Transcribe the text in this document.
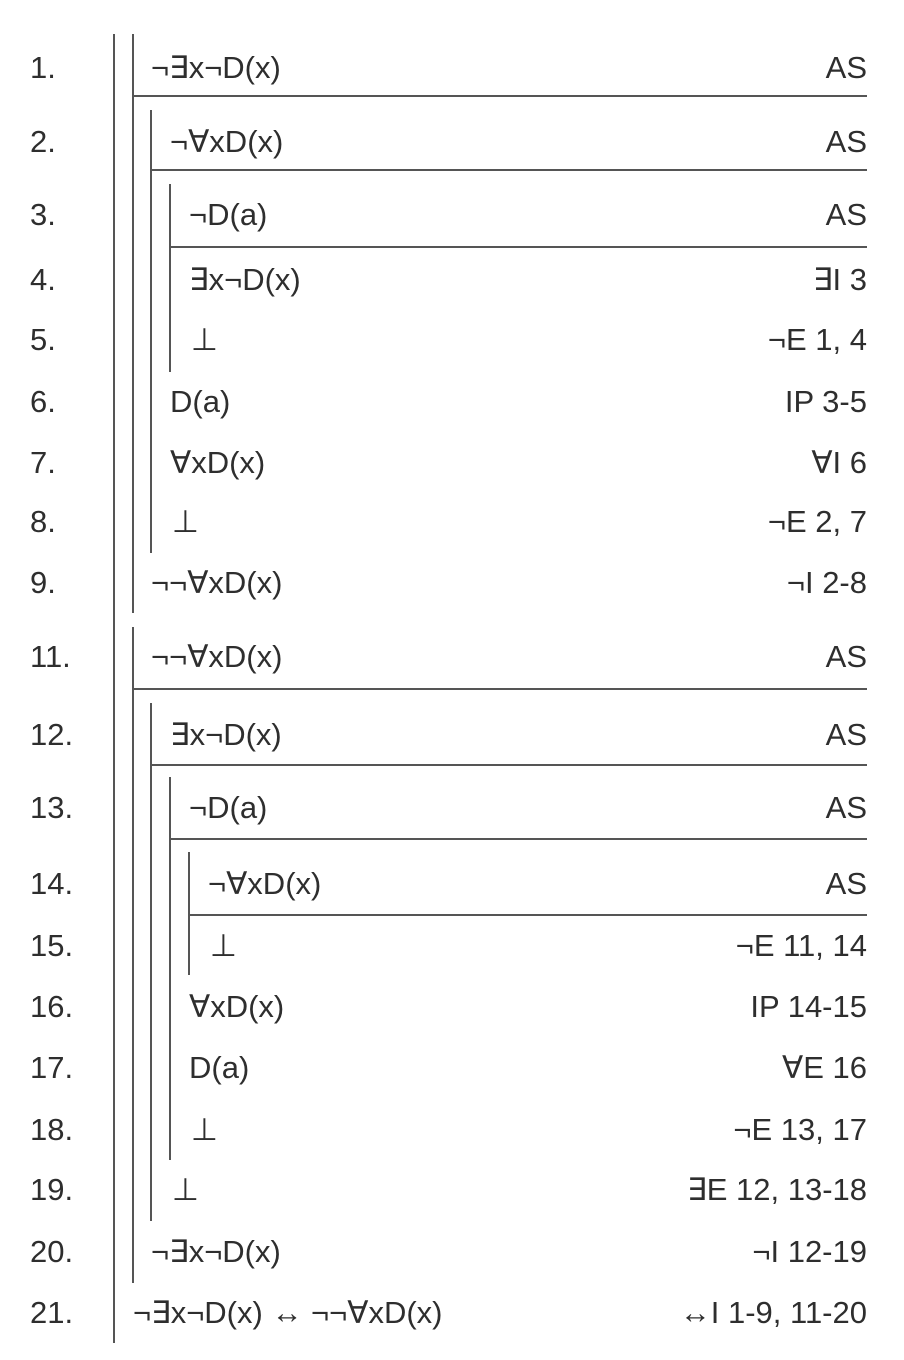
1.	¬∃x¬D(x)	AS
2.	¬∀xD(x)	AS
3.	¬D(a)	AS
4.	∃x¬D(x)	∃I 3
5.	⊥	¬E 1, 4
6.	D(a)	IP 3-5
7.	∀xD(x)	∀I 6
8.	⊥	¬E 2, 7
9.	¬¬∀xD(x)	¬I 2-8
11.	¬¬∀xD(x)	AS
12.	∃x¬D(x)	AS
13.	¬D(a)	AS
14.	¬∀xD(x)	AS
15.	⊥	¬E 11, 14
16.	∀xD(x)	IP 14-15
17.	D(a)	∀E 16
18.	⊥	¬E 13, 17
19.	⊥	∃E 12, 13-18
20.	¬∃x¬D(x)	¬I 12-19
21. ¬∃x¬D(x) ↔ ¬¬∀xD(x)	↔I 1-9, 11-20
